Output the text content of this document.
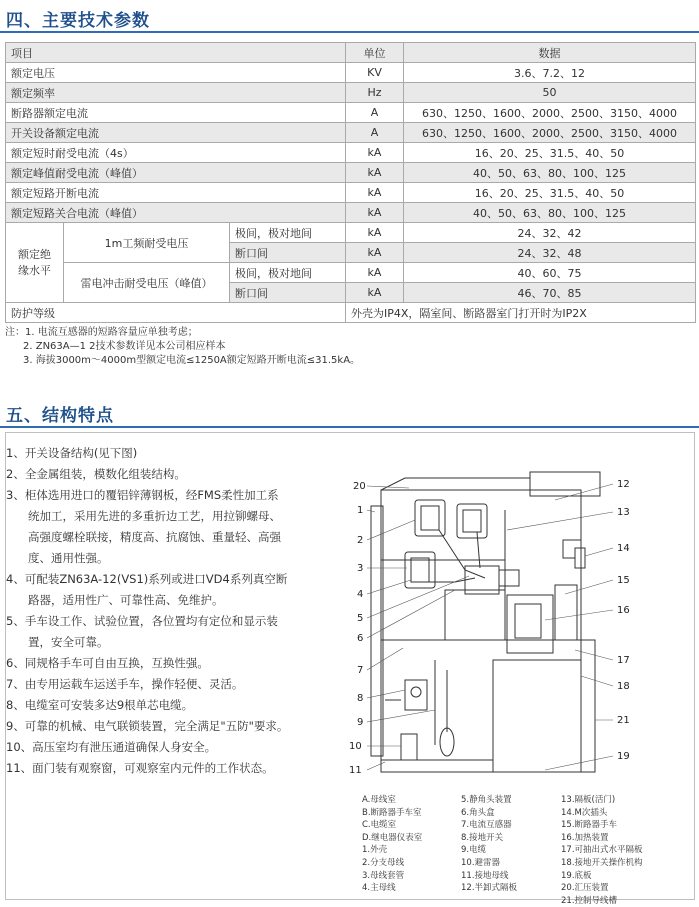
四、主要技术参数
项目			单位	数据
额定电压			KV	3.6、7.2、12
额定频率			Hz	50
断路器额定电流			A	630、1250、1600、2000、2500、3150、4000
开关设备额定电流			A	630、1250、1600、2000、2500、3150、4000
额定短时耐受电流（4s）			kA	16、20、25、31.5、40、50
额定峰值耐受电流（峰值）			kA	40、50、63、80、100、125
额定短路开断电流			kA	16、20、25、31.5、40、50
额定短路关合电流（峰值）			kA	40、50、63、80、100、125
额定绝
缘水平	1m工频耐受电压	极间，极对地间	kA	24、32、42
		断口间	kA	24、32、48
	雷电冲击耐受电压（峰值）	极间，极对地间	kA	40、60、75
		断口间	kA	46、70、85
防护等级			外壳为IP4X，隔室间、断路器室门打开时为IP2X	
注：1. 电流互感器的短路容量应单独考虑；
2. ZN63A—1 2技术参数详见本公司相应样本
3. 海拔3000m～4000m型额定电流≤1250A额定短路开断电流≤31.5kA。
五、结构特点
1、开关设备结构(见下图)
2、全金属组装，模数化组装结构。
3、柜体选用进口的覆铝锌薄钢板，经FMS柔性加工系
统加工，采用先进的多重折边工艺，用拉铆螺母、
高强度螺栓联接，精度高、抗腐蚀、重量轻、高强
度、通用性强。
4、可配装ZN63A-12(VS1)系列或进口VD4系列真空断
路器，适用性广、可靠性高、免维护。
5、手车设工作、试验位置，各位置均有定位和显示装
置，安全可靠。
6、同规格手车可自由互换，互换性强。
7、由专用运载车运送手车，操作轻便、灵活。
8、电缆室可安装多达9根单芯电缆。
9、可靠的机械、电气联锁装置，完全满足"五防"要求。
10、高压室均有泄压通道确保人身安全。
11、面门装有观察窗，可观察室内元件的工作状态。
20
1
2
3
4
5
6
7
8
9
10
11
12
13
14
15
16
17
18
21
19
A.母线室
B.断路器手车室
C.电缆室
D.继电器仪表室
1.外壳
2.分支母线
3.母线套管
4.主母线
5.静角头装置
6.角头盒
7.电流互感器
8.接地开关
9.电缆
10.避雷器
11.接地母线
12.半卸式隔板
13.隔板(活门)
14.M次插头
15.断路器手车
16.加热装置
17.可抽出式水平隔板
18.接地开关操作机构
19.底板
20.汇压装置
21.控制导线槽
